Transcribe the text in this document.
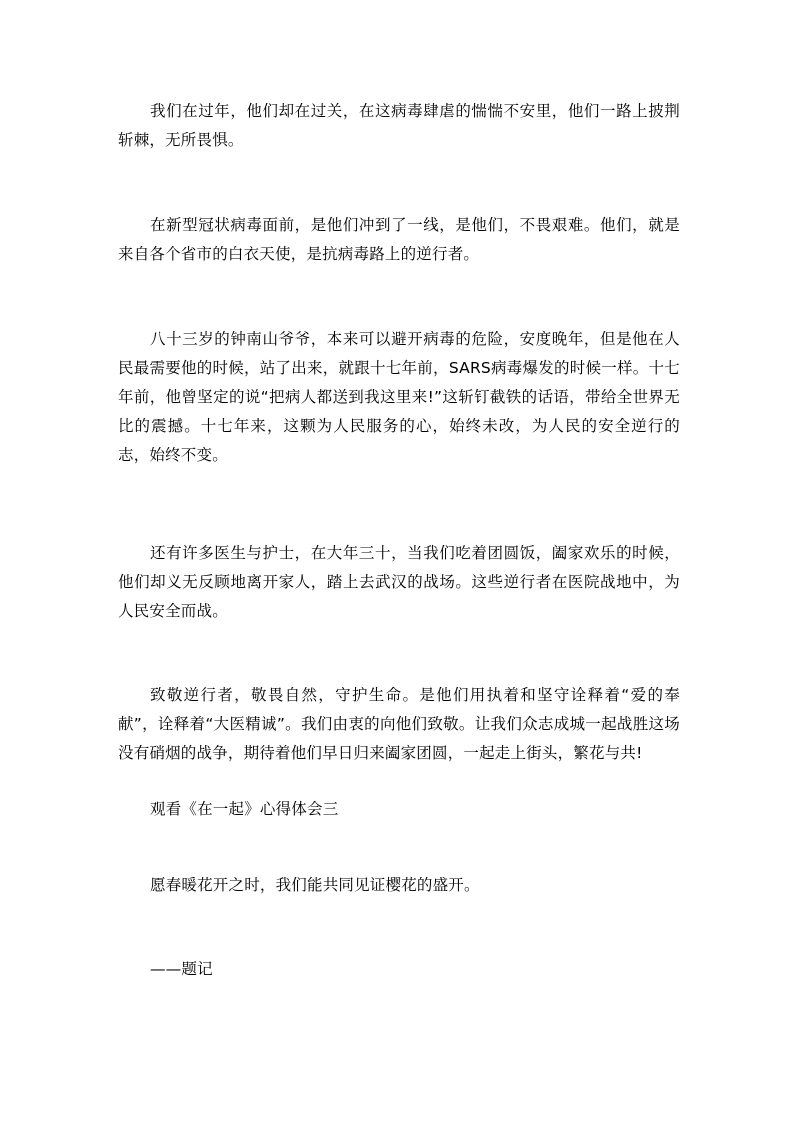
我们在过年，他们却在过关，在这病毒肆虐的惴惴不安里，他们一路上披荆斩棘，无所畏惧。

在新型冠状病毒面前，是他们冲到了一线，是他们，不畏艰难。他们，就是来自各个省市的白衣天使，是抗病毒路上的逆行者。

八十三岁的钟南山爷爷，本来可以避开病毒的危险，安度晚年，但是他在人民最需要他的时候，站了出来，就跟十七年前，SARS病毒爆发的时候一样。十七年前，他曾坚定的说“把病人都送到我这里来!”这斩钉截铁的话语，带给全世界无比的震撼。十七年来，这颗为人民服务的心，始终未改，为人民的安全逆行的志，始终不变。

还有许多医生与护士，在大年三十，当我们吃着团圆饭，阖家欢乐的时候，他们却义无反顾地离开家人，踏上去武汉的战场。这些逆行者在医院战地中，为人民安全而战。

致敬逆行者，敬畏自然，守护生命。是他们用执着和坚守诠释着“爱的奉献”，诠释着“大医精诚”。我们由衷的向他们致敬。让我们众志成城一起战胜这场没有硝烟的战争，期待着他们早日归来阖家团圆，一起走上街头，繁花与共!

观看《在一起》心得体会三

愿春暖花开之时，我们能共同见证樱花的盛开。

——题记
